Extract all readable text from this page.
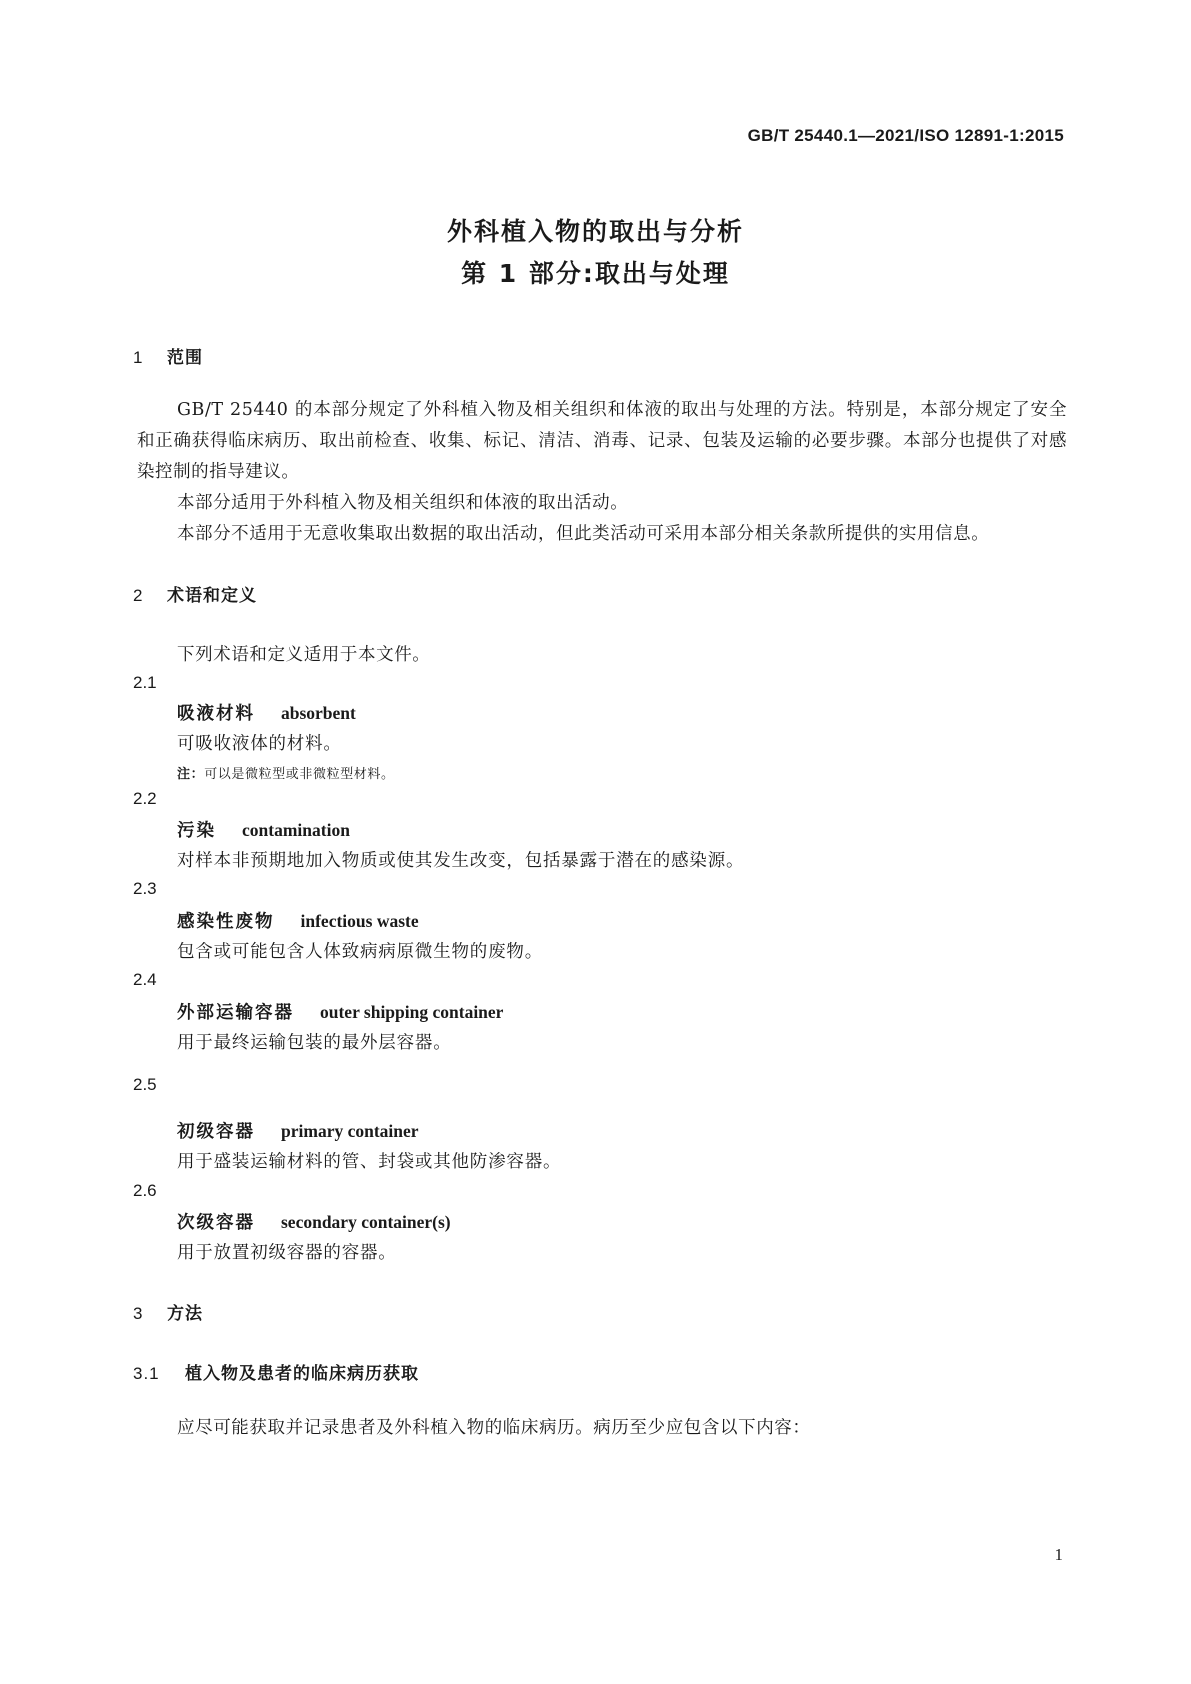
GB/T 25440.1—2021/ISO 12891-1:2015
外科植入物的取出与分析
第 1 部分:取出与处理
1 范围
GB/T 25440 的本部分规定了外科植入物及相关组织和体液的取出与处理的方法。特别是，本部分规定了安全和正确获得临床病历、取出前检查、收集、标记、清洁、消毒、记录、包装及运输的必要步骤。本部分也提供了对感染控制的指导建议。
本部分适用于外科植入物及相关组织和体液的取出活动。
本部分不适用于无意收集取出数据的取出活动，但此类活动可采用本部分相关条款所提供的实用信息。
2 术语和定义
下列术语和定义适用于本文件。
2.1
吸液材料 absorbent
可吸收液体的材料。
注：可以是微粒型或非微粒型材料。
2.2
污染 contamination
对样本非预期地加入物质或使其发生改变，包括暴露于潜在的感染源。
2.3
感染性废物 infectious waste
包含或可能包含人体致病病原微生物的废物。
2.4
外部运输容器 outer shipping container
用于最终运输包装的最外层容器。
2.5
初级容器 primary container
用于盛装运输材料的管、封袋或其他防渗容器。
2.6
次级容器 secondary container(s)
用于放置初级容器的容器。
3 方法
3.1 植入物及患者的临床病历获取
应尽可能获取并记录患者及外科植入物的临床病历。病历至少应包含以下内容：
1
